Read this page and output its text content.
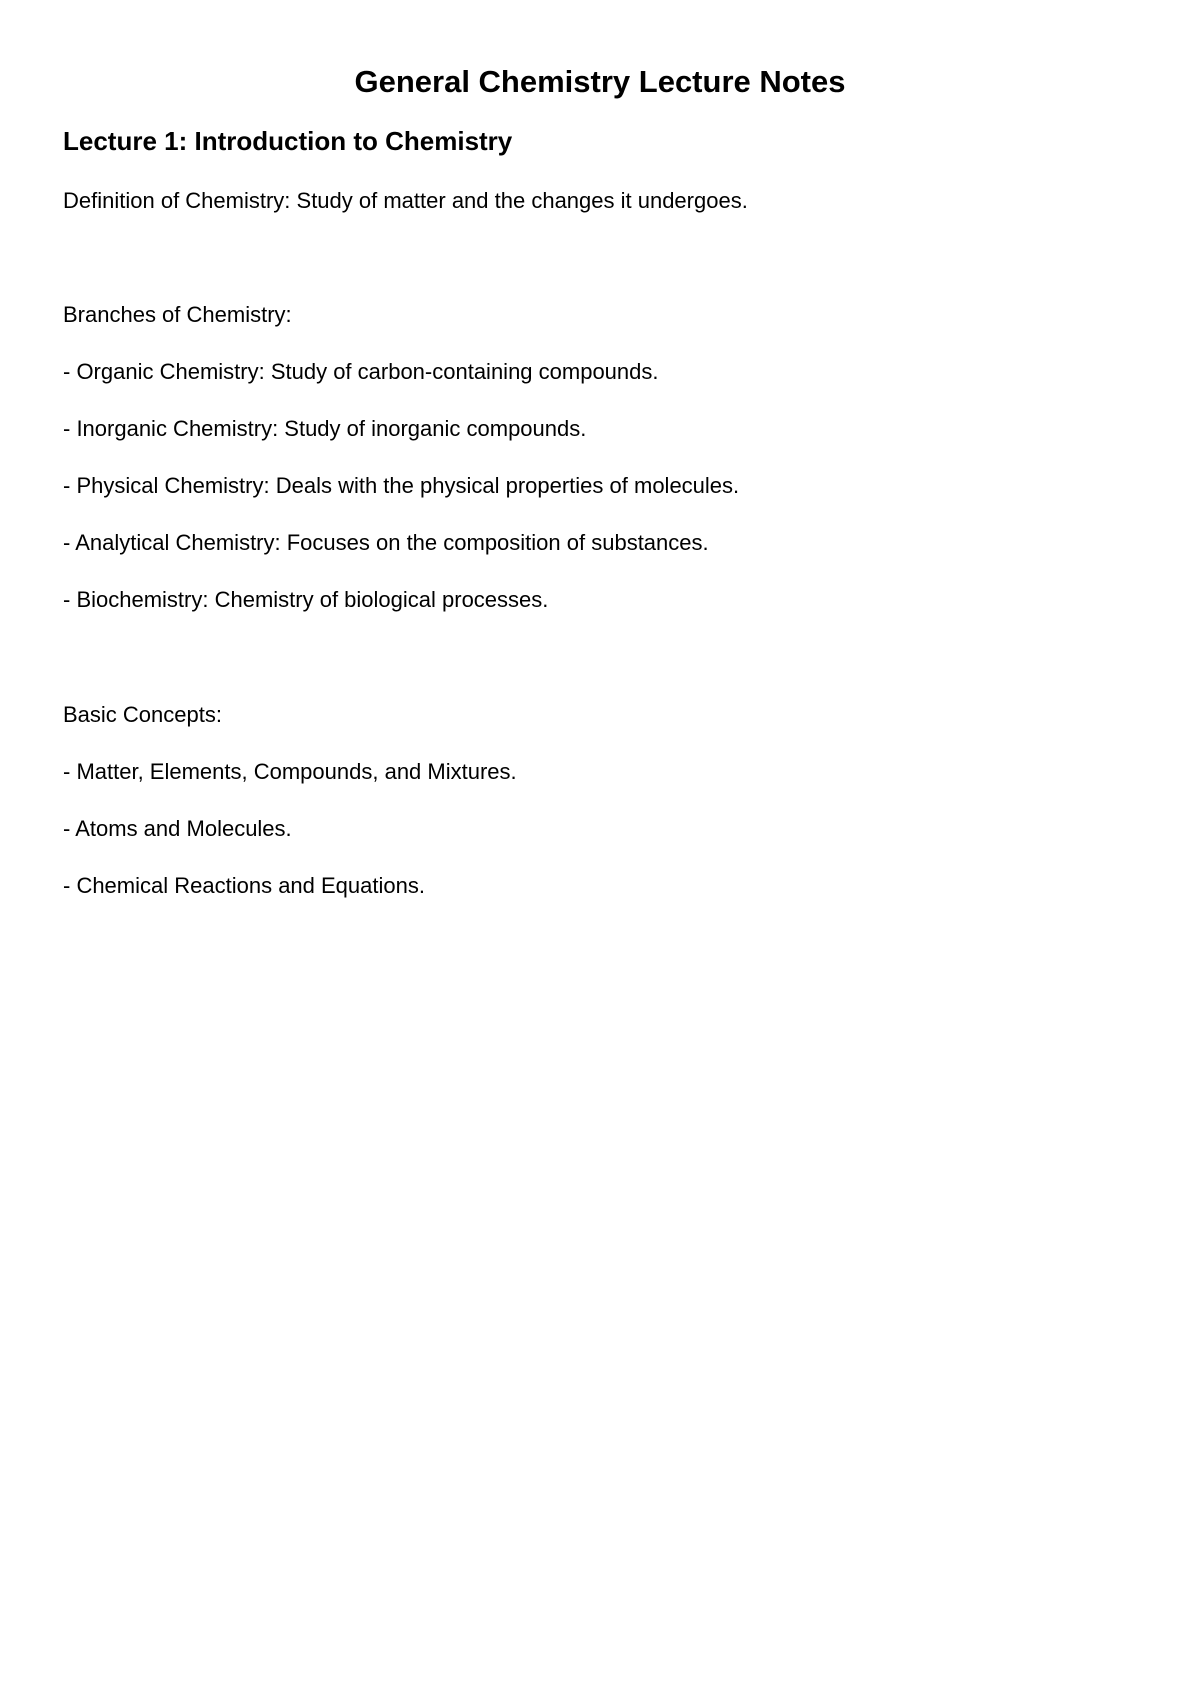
General Chemistry Lecture Notes
Lecture 1: Introduction to Chemistry

Definition of Chemistry: Study of matter and the changes it undergoes.

Branches of Chemistry:

- Organic Chemistry: Study of carbon-containing compounds.

- Inorganic Chemistry: Study of inorganic compounds.

- Physical Chemistry: Deals with the physical properties of molecules.

- Analytical Chemistry: Focuses on the composition of substances.

- Biochemistry: Chemistry of biological processes.

Basic Concepts:

- Matter, Elements, Compounds, and Mixtures.

- Atoms and Molecules.

- Chemical Reactions and Equations.
